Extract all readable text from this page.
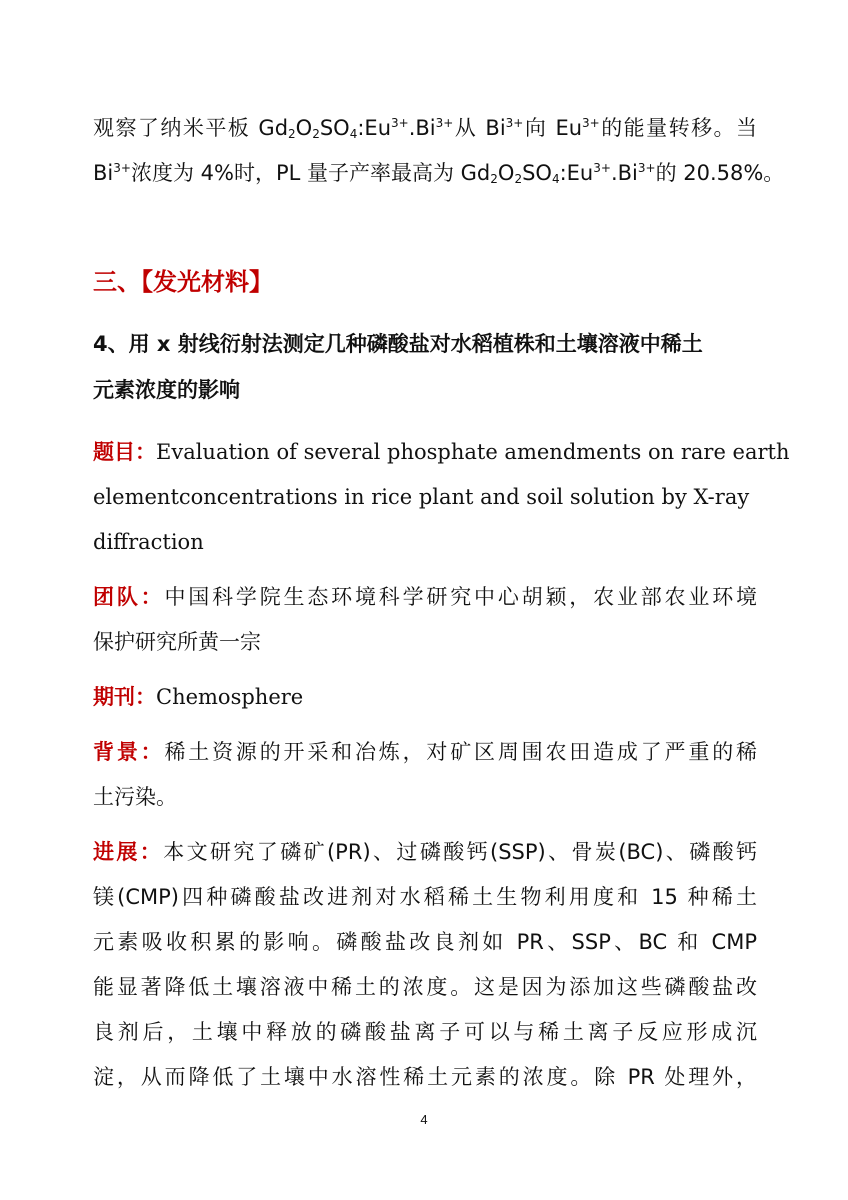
观察了纳米平板 $Gd_2O_2SO_4:Eu^{3+}.Bi^{3+}$从 $Bi^{3+}$向 $Eu^{3+}$的能量转移。当
$Bi^{3+}$浓度为 4%时，PL 量子产率最高为 $Gd_2O_2SO_4:Eu^{3+}.Bi^{3+}$的 20.58%。
三、【发光材料】
4、用 x 射线衍射法测定几种磷酸盐对水稻植株和土壤溶液中稀土
元素浓度的影响
题目：Evaluation of several phosphate amendments on rare earth
elementconcentrations in rice plant and soil solution by X-ray
diffraction
团队：中国科学院生态环境科学研究中心胡颖，农业部农业环境
保护研究所黄一宗
期刊：Chemosphere
背景：稀土资源的开采和冶炼，对矿区周围农田造成了严重的稀
土污染。
进展：本文研究了磷矿(PR)、过磷酸钙(SSP)、骨炭(BC)、磷酸钙
镁(CMP)四种磷酸盐改进剂对水稻稀土生物利用度和 15 种稀土
元素吸收积累的影响。磷酸盐改良剂如 PR、SSP、BC 和 CMP
能显著降低土壤溶液中稀土的浓度。这是因为添加这些磷酸盐改
良剂后，土壤中释放的磷酸盐离子可以与稀土离子反应形成沉
淀，从而降低了土壤中水溶性稀土元素的浓度。除 PR 处理外，
4
